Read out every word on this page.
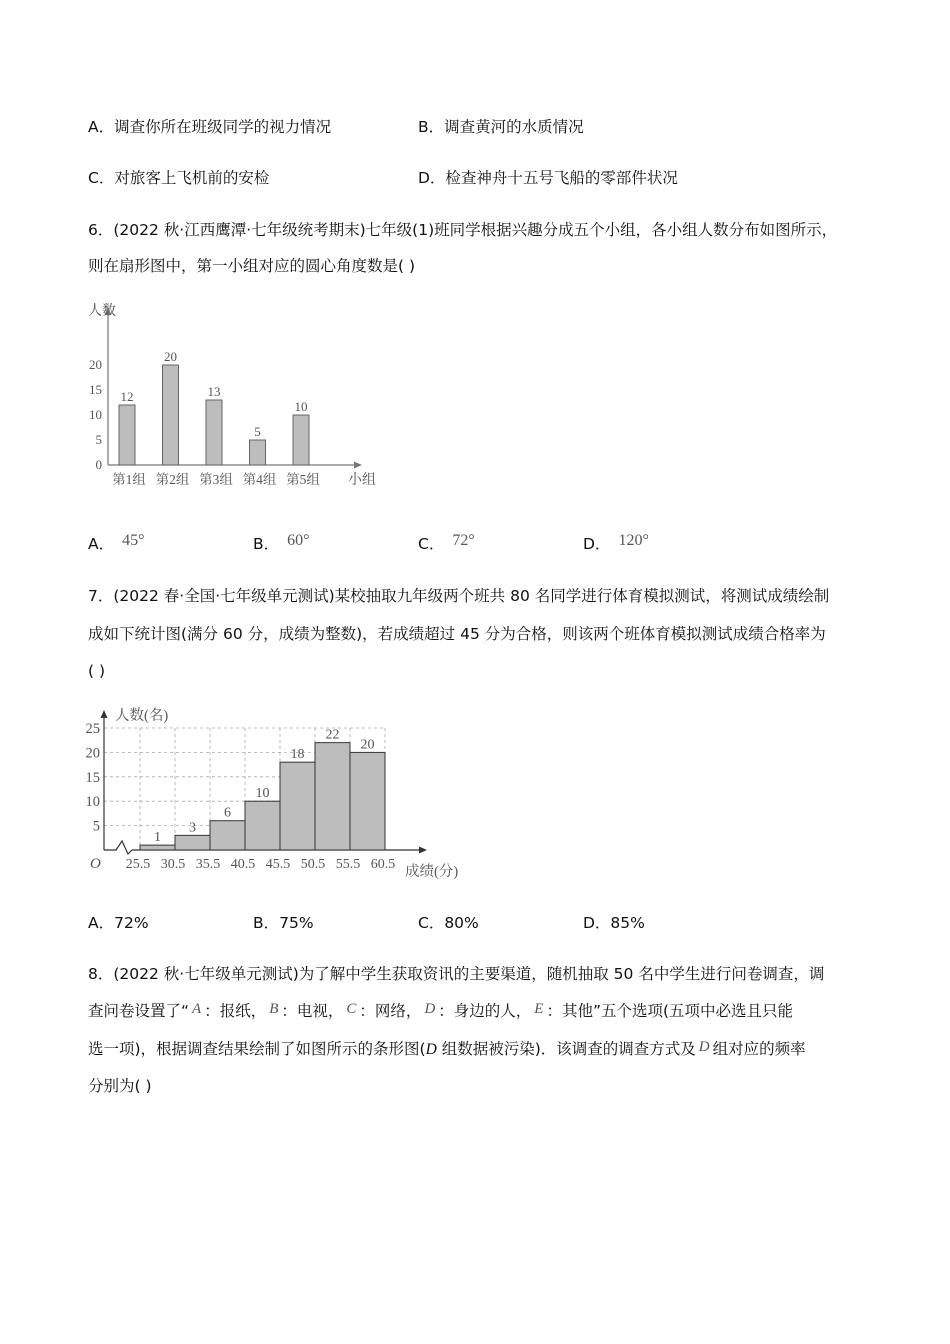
A．调查你所在班级同学的视力情况	B．调查黄河的水质情况
C．对旅客上飞机前的安检	D．检查神舟十五号飞船的零部件状况
6．(2022 秋·江西鹰潭·七年级统考期末)七年级(1)班同学根据兴趣分成五个小组，各小组人数分布如图所示，
则在扇形图中，第一小组对应的圆心角度数是( )
人数
小组
0
5
10
15
20
12
第1组
20
第2组
13
第3组
5
第4组
10
第5组
A． 45°	B． 60°	C． 72°	D． 120°
7．(2022 春·全国·七年级单元测试)某校抽取九年级两个班共 80 名同学进行体育模拟测试，将测试成绩绘制
成如下统计图(满分 60 分，成绩为整数)，若成绩超过 45 分为合格，则该两个班体育模拟测试成绩合格率为
( )
人数(名)
成绩(分)
O
5
10
15
20
25
25.5 30.5 35.5 40.5 45.5 50.5 55.5 60.5
1
3
6
10
18
22
20
A．72%	B．75%	C．80%	D．85%
8．(2022 秋·七年级单元测试)为了解中学生获取资讯的主要渠道，随机抽取 50 名中学生进行问卷调查，调
查问卷设置了“ A ：报纸， B ：电视， C ：网络， D ：身边的人， E ：其他”五个选项(五项中必选且只能
选一项)，根据调查结果绘制了如图所示的条形图(D 组数据被污染)．该调查的调查方式及 D 组对应的频率
分别为( )
